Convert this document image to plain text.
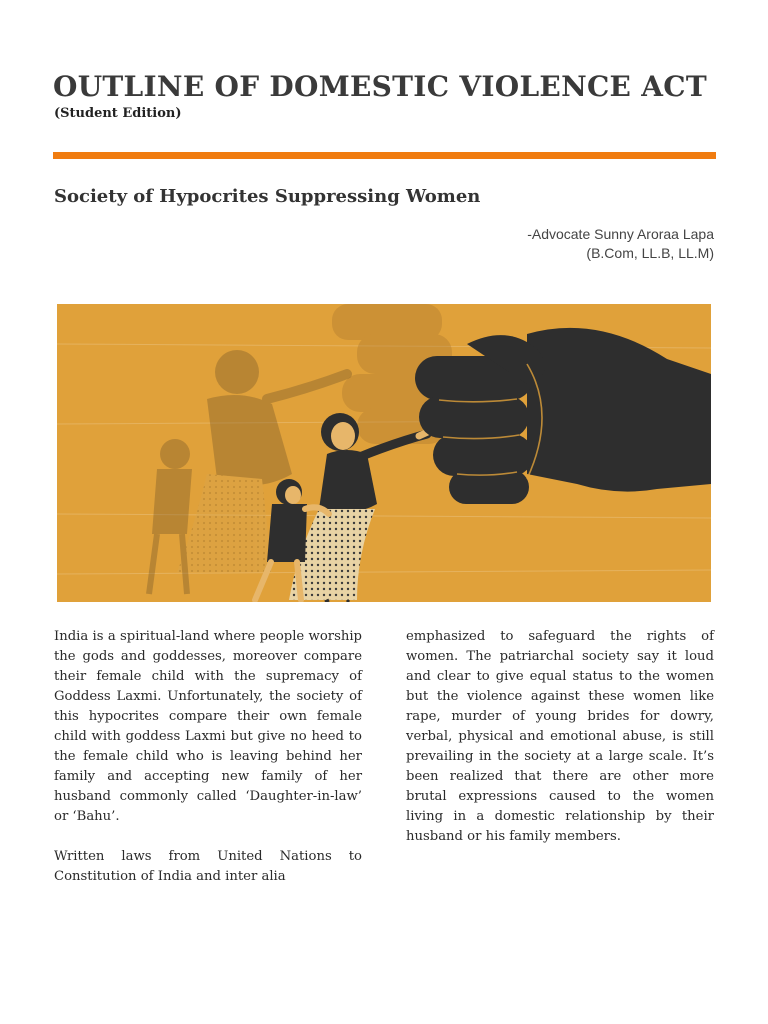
OUTLINE OF DOMESTIC VIOLENCE ACT
(Student Edition)
Society of Hypocrites Suppressing Women
-Advocate Sunny Aroraa Lapa
(B.Com, LL.B, LL.M)

India is a spiritual-land where people worship the gods and goddesses, moreover compare their female child with the supremacy of Goddess Laxmi. Unfortunately, the society of this hypocrites compare their own female child with goddess Laxmi but give no heed to the female child who is leaving behind her family and accepting new family of her husband commonly called ‘Daughter-in-law’ or ‘Bahu’.

Written laws from United Nations to Constitution of India and inter alia

emphasized to safeguard the rights of women. The patriarchal society say it loud and clear to give equal status to the women but the violence against these women like rape, murder of young brides for dowry, verbal, physical and emotional abuse, is still prevailing in the society at a large scale. It’s been realized that there are other more brutal expressions caused to the women living in a domestic relationship by their husband or his family members.
